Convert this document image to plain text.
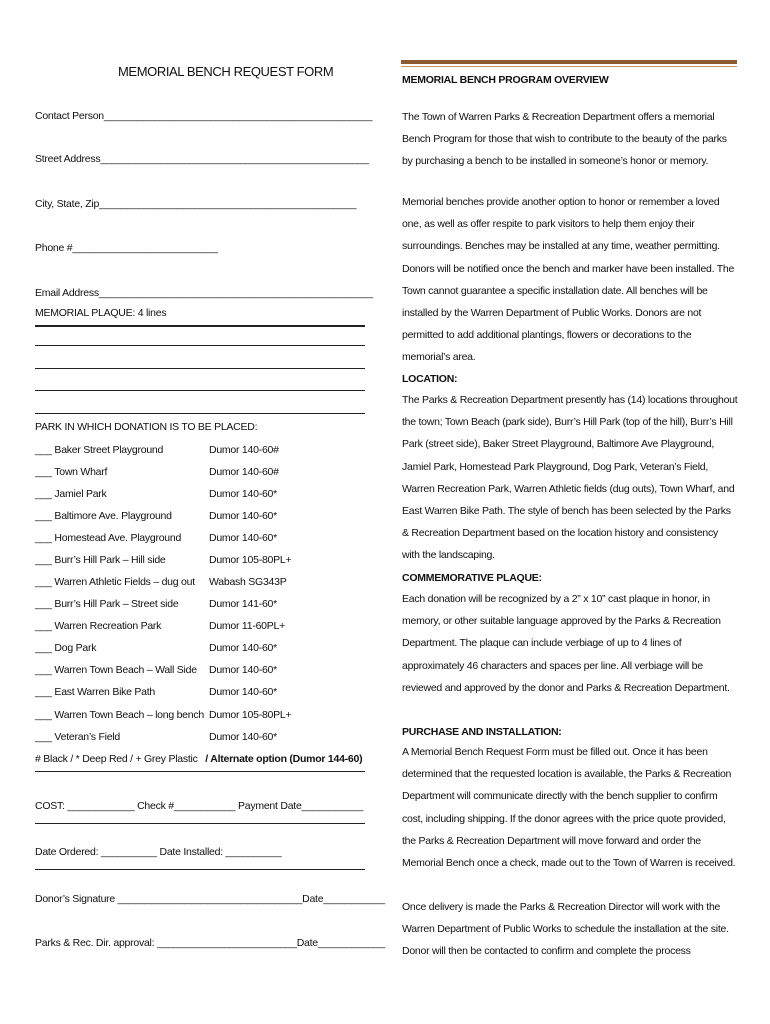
MEMORIAL BENCH REQUEST FORM
Contact Person________________________________________________
Street Address________________________________________________
City, State, Zip______________________________________________
Phone #__________________________
Email Address_________________________________________________
MEMORIAL PLAQUE: 4 lines
PARK IN WHICH DONATION IS TO BE PLACED:
___ Baker Street Playground	Dumor 140-60#
___ Town Wharf	Dumor 140-60#
___ Jamiel Park	Dumor 140-60*
___ Baltimore Ave. Playground	Dumor 140-60*
___ Homestead Ave. Playground	Dumor 140-60*
___ Burr’s Hill Park – Hill side	Dumor 105-80PL+
___ Warren Athletic Fields – dug out Wabash SG343P
___ Burr’s Hill Park – Street side	Dumor 141-60*
___ Warren Recreation Park	Dumor 11-60PL+
___ Dog Park	Dumor 140-60*
___ Warren Town Beach – Wall Side Dumor 140-60*
___ East Warren Bike Path	Dumor 140-60*
___ Warren Town Beach – long bench Dumor 105-80PL+
___ Veteran’s Field	Dumor 140-60*
# Black / * Deep Red / + Grey Plastic / Alternate option (Dumor 144-60)
COST: ____________ Check #___________ Payment Date___________
Date Ordered: __________ Date Installed: __________
Donor’s Signature _________________________________Date___________
Parks & Rec. Dir. approval: _________________________Date____________
MEMORIAL BENCH PROGRAM OVERVIEW
The Town of Warren Parks & Recreation Department offers a memorial Bench Program for those that wish to contribute to the beauty of the parks by purchasing a bench to be installed in someone’s honor or memory.
Memorial benches provide another option to honor or remember a loved one, as well as offer respite to park visitors to help them enjoy their surroundings. Benches may be installed at any time, weather permitting. Donors will be notified once the bench and marker have been installed. The Town cannot guarantee a specific installation date. All benches will be installed by the Warren Department of Public Works. Donors are not permitted to add additional plantings, flowers or decorations to the memorial’s area.
LOCATION:
The Parks & Recreation Department presently has (14) locations throughout the town; Town Beach (park side), Burr’s Hill Park (top of the hill), Burr’s Hill Park (street side), Baker Street Playground, Baltimore Ave Playground, Jamiel Park, Homestead Park Playground, Dog Park, Veteran’s Field, Warren Recreation Park, Warren Athletic fields (dug outs), Town Wharf, and East Warren Bike Path. The style of bench has been selected by the Parks & Recreation Department based on the location history and consistency with the landscaping.
COMMEMORATIVE PLAQUE:
Each donation will be recognized by a 2” x 10” cast plaque in honor, in memory, or other suitable language approved by the Parks & Recreation Department. The plaque can include verbiage of up to 4 lines of approximately 46 characters and spaces per line. All verbiage will be reviewed and approved by the donor and Parks & Recreation Department.
PURCHASE AND INSTALLATION:
A Memorial Bench Request Form must be filled out. Once it has been determined that the requested location is available, the Parks & Recreation Department will communicate directly with the bench supplier to confirm cost, including shipping. If the donor agrees with the price quote provided, the Parks & Recreation Department will move forward and order the Memorial Bench once a check, made out to the Town of Warren is received.
Once delivery is made the Parks & Recreation Director will work with the Warren Department of Public Works to schedule the installation at the site. Donor will then be contacted to confirm and complete the process
